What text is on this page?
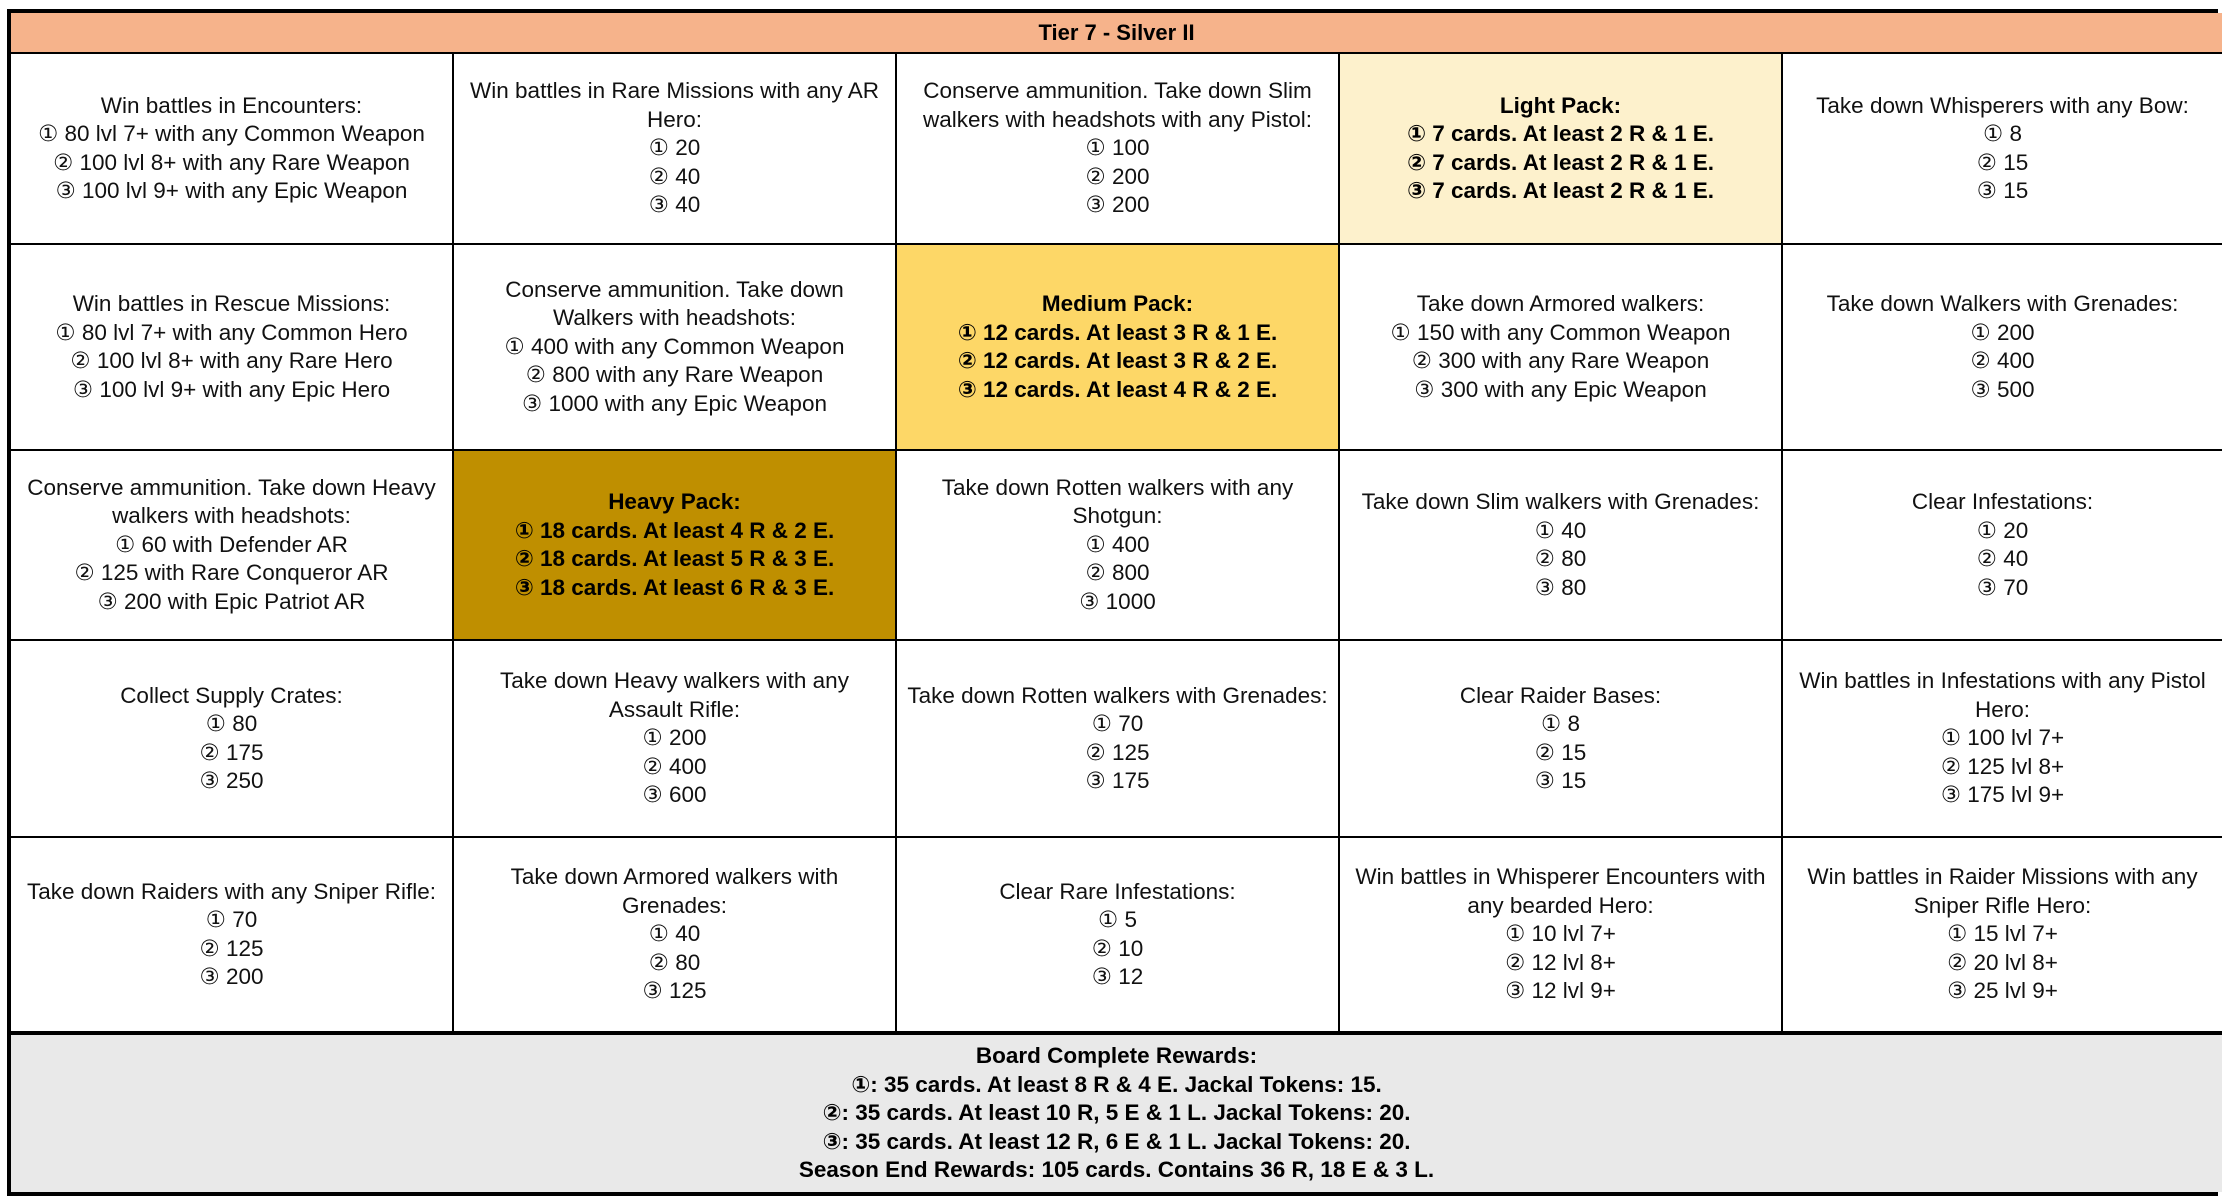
Tier 7 - Silver II
Win battles in Encounters:
① 80 lvl 7+ with any Common Weapon
② 100 lvl 8+ with any Rare Weapon
③ 100 lvl 9+ with any Epic Weapon
Win battles in Rare Missions with any AR Hero:
① 20
② 40
③ 40
Conserve ammunition. Take down Slim walkers with headshots with any Pistol:
① 100
② 200
③ 200
Light Pack:
① 7 cards. At least 2 R & 1 E.
② 7 cards. At least 2 R & 1 E.
③ 7 cards. At least 2 R & 1 E.
Take down Whisperers with any Bow:
① 8
② 15
③ 15
Win battles in Rescue Missions:
① 80 lvl 7+ with any Common Hero
② 100 lvl 8+ with any Rare Hero
③ 100 lvl 9+ with any Epic Hero
Conserve ammunition. Take down Walkers with headshots:
① 400 with any Common Weapon
② 800 with any Rare Weapon
③ 1000 with any Epic Weapon
Medium Pack:
① 12 cards. At least 3 R & 1 E.
② 12 cards. At least 3 R & 2 E.
③ 12 cards. At least 4 R & 2 E.
Take down Armored walkers:
① 150 with any Common Weapon
② 300 with any Rare Weapon
③ 300 with any Epic Weapon
Take down Walkers with Grenades:
① 200
② 400
③ 500
Conserve ammunition. Take down Heavy walkers with headshots:
① 60 with Defender AR
② 125 with Rare Conqueror AR
③ 200 with Epic Patriot AR
Heavy Pack:
① 18 cards. At least 4 R & 2 E.
② 18 cards. At least 5 R & 3 E.
③ 18 cards. At least 6 R & 3 E.
Take down Rotten walkers with any Shotgun:
① 400
② 800
③ 1000
Take down Slim walkers with Grenades:
① 40
② 80
③ 80
Clear Infestations:
① 20
② 40
③ 70
Collect Supply Crates:
① 80
② 175
③ 250
Take down Heavy walkers with any Assault Rifle:
① 200
② 400
③ 600
Take down Rotten walkers with Grenades:
① 70
② 125
③ 175
Clear Raider Bases:
① 8
② 15
③ 15
Win battles in Infestations with any Pistol Hero:
① 100 lvl 7+
② 125 lvl 8+
③ 175 lvl 9+
Take down Raiders with any Sniper Rifle:
① 70
② 125
③ 200
Take down Armored walkers with Grenades:
① 40
② 80
③ 125
Clear Rare Infestations:
① 5
② 10
③ 12
Win battles in Whisperer Encounters with any bearded Hero:
① 10 lvl 7+
② 12 lvl 8+
③ 12 lvl 9+
Win battles in Raider Missions with any Sniper Rifle Hero:
① 15 lvl 7+
② 20 lvl 8+
③ 25 lvl 9+
Board Complete Rewards:
①: 35 cards. At least 8 R & 4 E. Jackal Tokens: 15.
②: 35 cards. At least 10 R, 5 E & 1 L. Jackal Tokens: 20.
③: 35 cards. At least 12 R, 6 E & 1 L. Jackal Tokens: 20.
Season End Rewards: 105 cards. Contains 36 R, 18 E & 3 L.
